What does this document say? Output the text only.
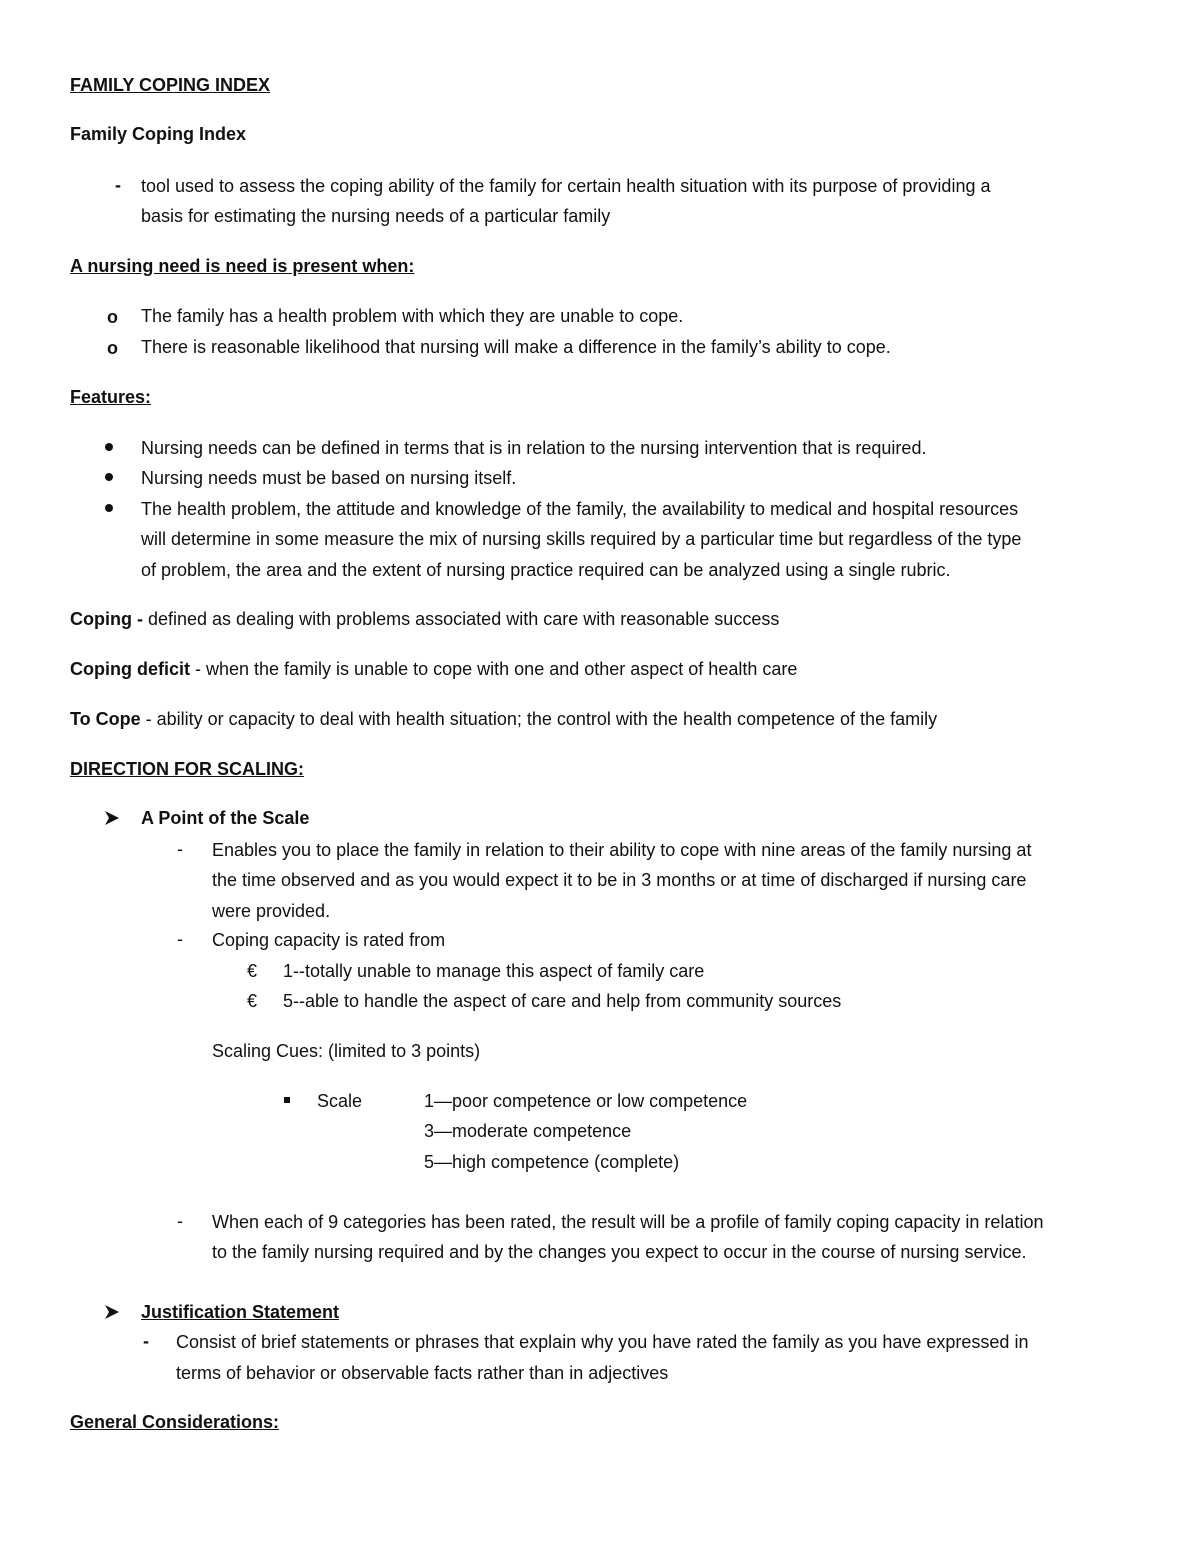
FAMILY COPING INDEX
Family Coping Index
- tool used to assess the coping ability of the family for certain health situation with its purpose of providing a
basis for estimating the nursing needs of a particular family
A nursing need is need is present when:
o The family has a health problem with which they are unable to cope.
o There is reasonable likelihood that nursing will make a difference in the family’s ability to cope.
Features:
Nursing needs can be defined in terms that is in relation to the nursing intervention that is required.
Nursing needs must be based on nursing itself.
The health problem, the attitude and knowledge of the family, the availability to medical and hospital resources
will determine in some measure the mix of nursing skills required by a particular time but regardless of the type
of problem, the area and the extent of nursing practice required can be analyzed using a single rubric.
Coping - defined as dealing with problems associated with care with reasonable success
Coping deficit - when the family is unable to cope with one and other aspect of health care
To Cope - ability or capacity to deal with health situation; the control with the health competence of the family
DIRECTION FOR SCALING:
A Point of the Scale
- Enables you to place the family in relation to their ability to cope with nine areas of the family nursing at
the time observed and as you would expect it to be in 3 months or at time of discharged if nursing care
were provided.
- Coping capacity is rated from
€ 1--totally unable to manage this aspect of family care
€ 5--able to handle the aspect of care and help from community sources
Scaling Cues: (limited to 3 points)
Scale	1—poor competence or low competence
3—moderate competence
5—high competence (complete)
- When each of 9 categories has been rated, the result will be a profile of family coping capacity in relation
to the family nursing required and by the changes you expect to occur in the course of nursing service.
Justification Statement
- Consist of brief statements or phrases that explain why you have rated the family as you have expressed in
terms of behavior or observable facts rather than in adjectives
General Considerations:
